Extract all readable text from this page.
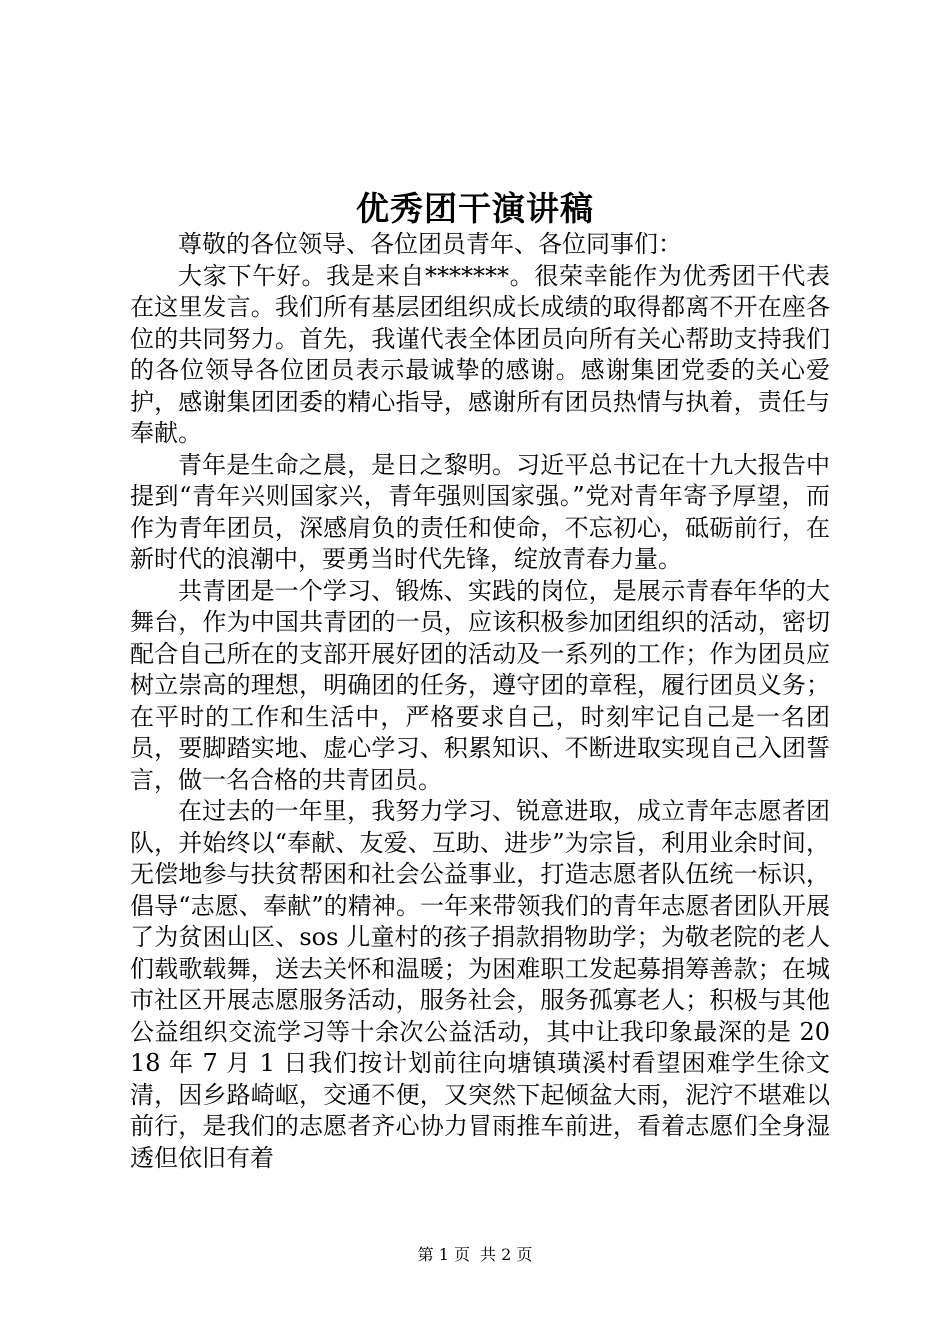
优秀团干演讲稿

尊敬的各位领导、各位团员青年、各位同事们：

大家下午好。我是来自*******。很荣幸能作为优秀团干代表在这里发言。我们所有基层团组织成长成绩的取得都离不开在座各位的共同努力。首先，我谨代表全体团员向所有关心帮助支持我们的各位领导各位团员表示最诚挚的感谢。感谢集团党委的关心爱护，感谢集团团委的精心指导，感谢所有团员热情与执着，责任与奉献。

青年是生命之晨，是日之黎明。习近平总书记在十九大报告中提到“青年兴则国家兴，青年强则国家强。”党对青年寄予厚望，而作为青年团员，深感肩负的责任和使命，不忘初心，砥砺前行，在新时代的浪潮中，要勇当时代先锋，绽放青春力量。

共青团是一个学习、锻炼、实践的岗位，是展示青春年华的大舞台，作为中国共青团的一员，应该积极参加团组织的活动，密切配合自己所在的支部开展好团的活动及一系列的工作；作为团员应树立崇高的理想，明确团的任务，遵守团的章程，履行团员义务；在平时的工作和生活中，严格要求自己，时刻牢记自己是一名团员，要脚踏实地、虚心学习、积累知识、不断进取实现自己入团誓言，做一名合格的共青团员。

在过去的一年里，我努力学习、锐意进取，成立青年志愿者团队，并始终以“奉献、友爱、互助、进步”为宗旨，利用业余时间，无偿地参与扶贫帮困和社会公益事业，打造志愿者队伍统一标识，倡导“志愿、奉献”的精神。一年来带领我们的青年志愿者团队开展了为贫困山区、sos 儿童村的孩子捐款捐物助学；为敬老院的老人们载歌载舞，送去关怀和温暖；为困难职工发起募捐筹善款；在城市社区开展志愿服务活动，服务社会，服务孤寡老人；积极与其他公益组织交流学习等十余次公益活动，其中让我印象最深的是 2018 年 7 月 1 日我们按计划前往向塘镇璜溪村看望困难学生徐文清，因乡路崎岖，交通不便，又突然下起倾盆大雨，泥泞不堪难以前行，是我们的志愿者齐心协力冒雨推车前进，看着志愿们全身湿透但依旧有着

第 1 页 共 2 页
